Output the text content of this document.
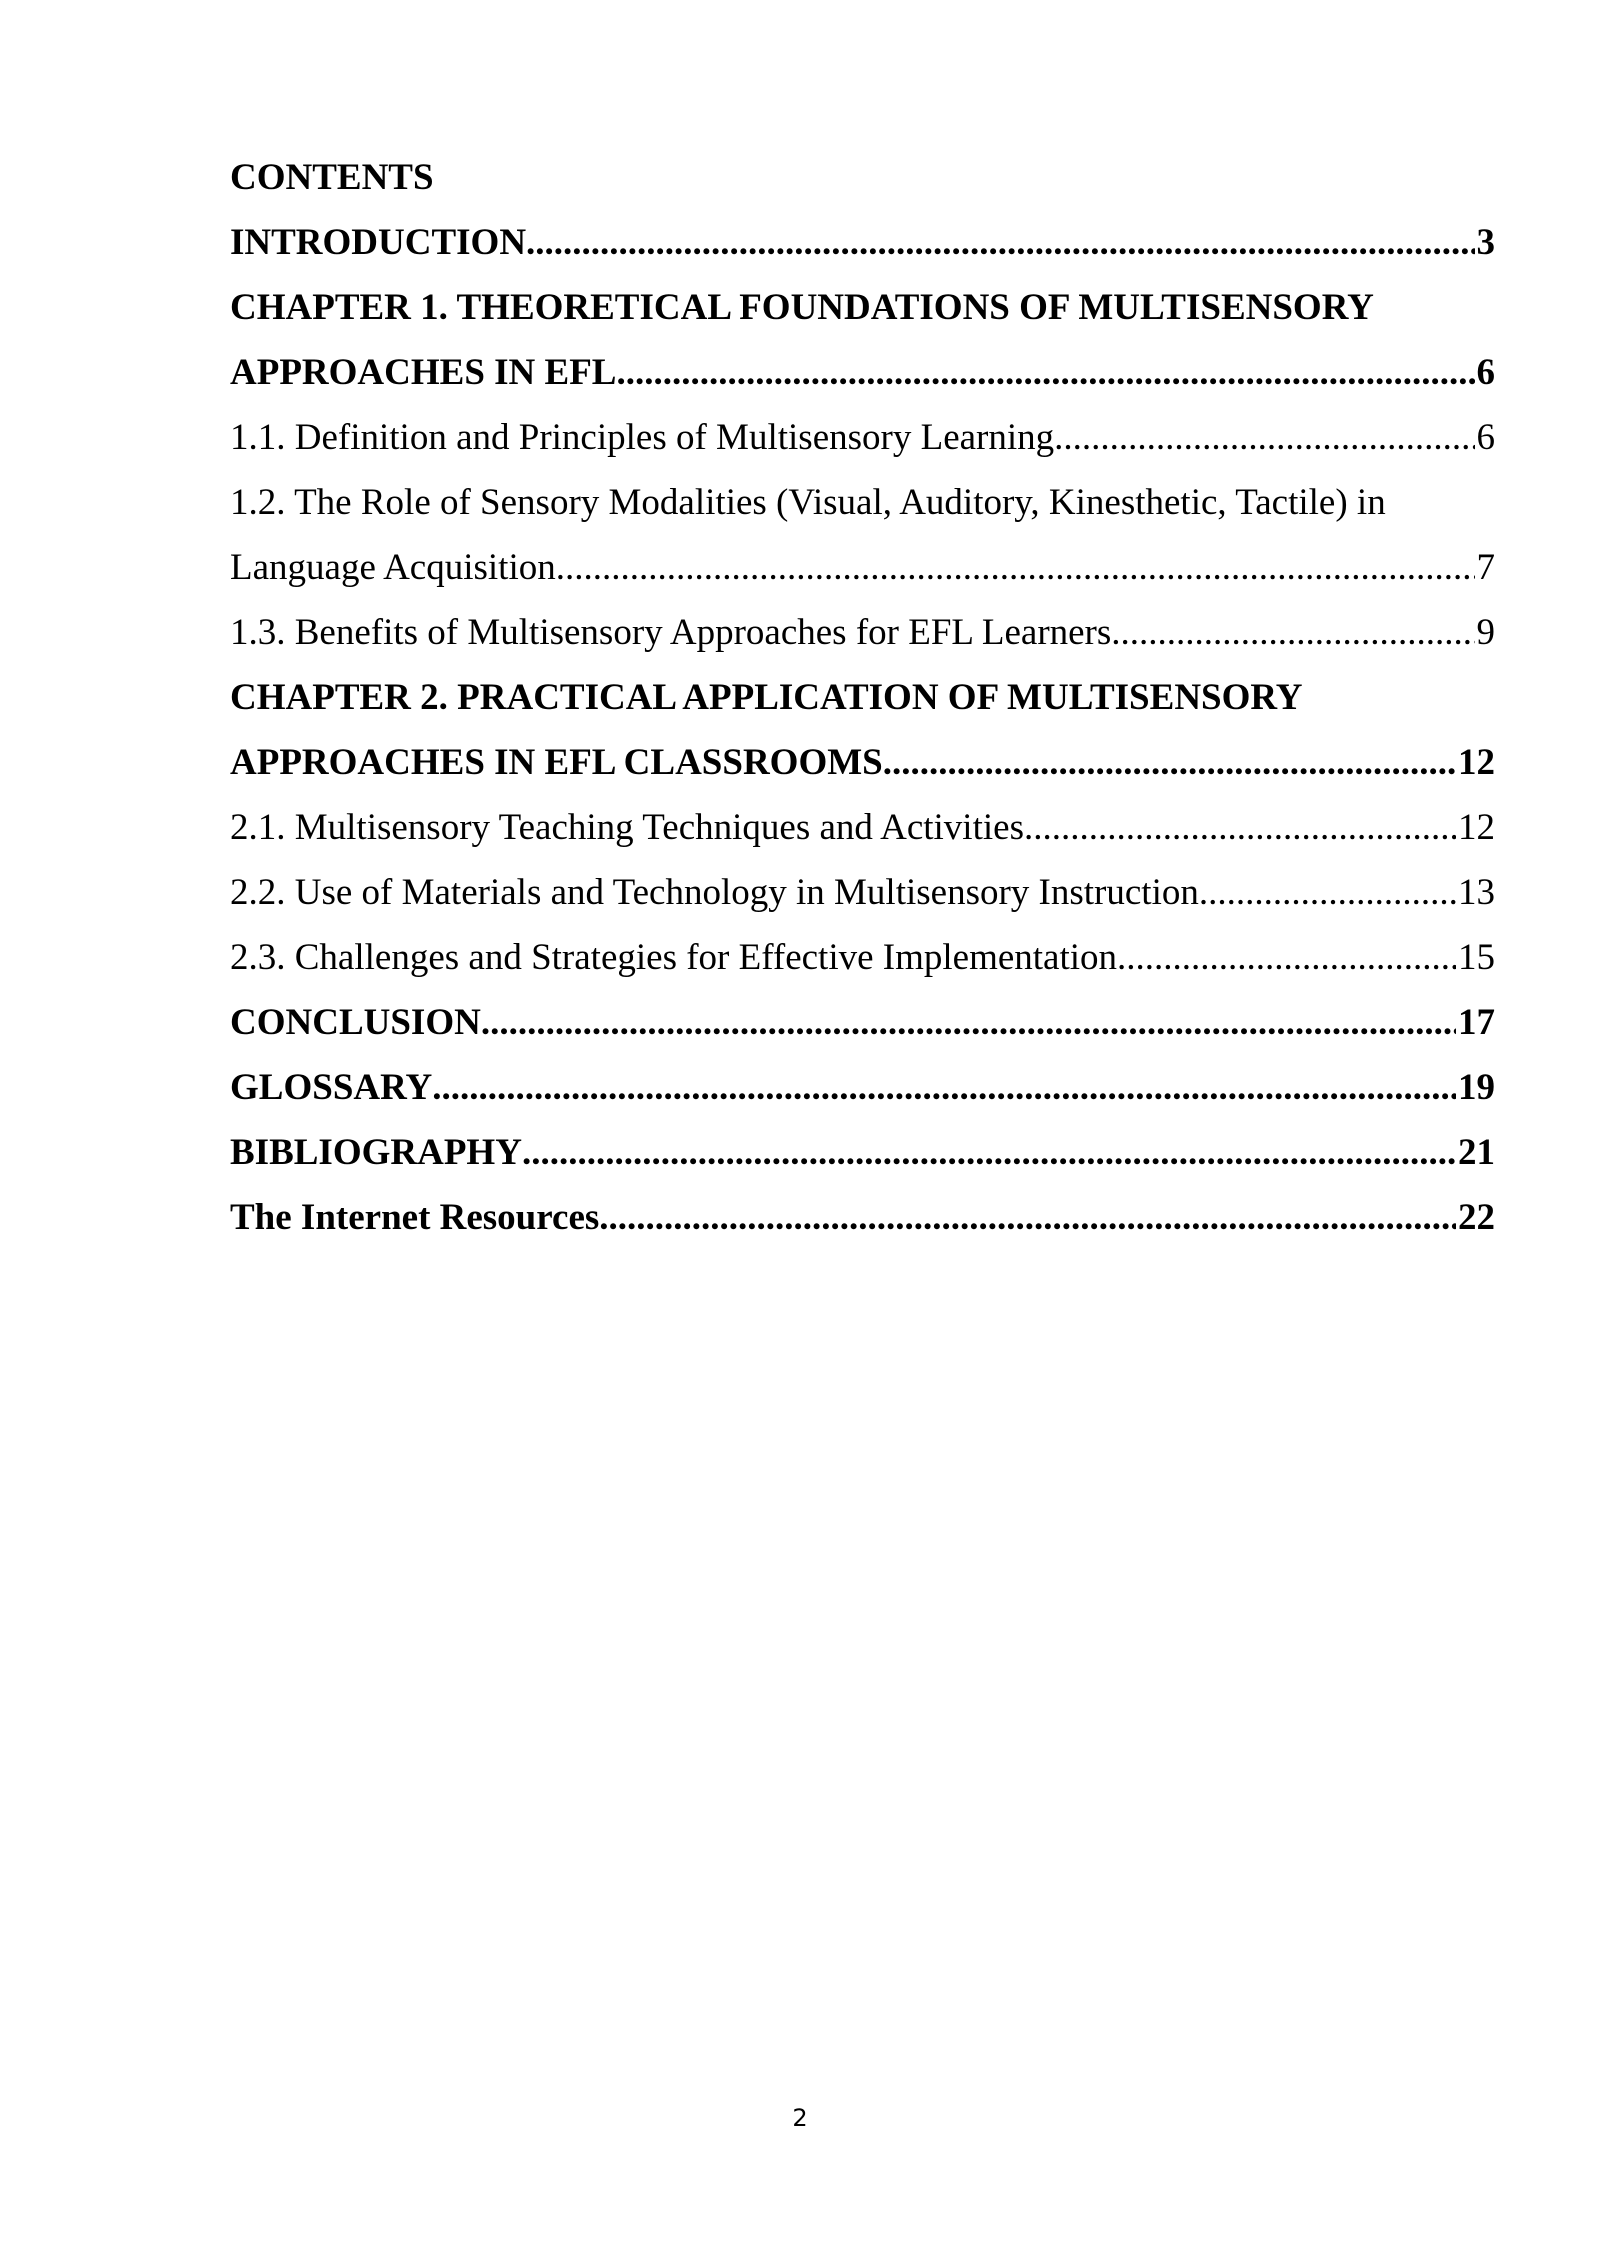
CONTENTS
INTRODUCTION .....	3
CHAPTER 1. THEORETICAL FOUNDATIONS OF MULTISENSORY
APPROACHES IN EFL .....	6
1.1. Definition and Principles of Multisensory Learning .....	6
1.2. The Role of Sensory Modalities (Visual, Auditory, Kinesthetic, Tactile) in
Language Acquisition .....	7
1.3. Benefits of Multisensory Approaches for EFL Learners .....	9
CHAPTER 2. PRACTICAL APPLICATION OF MULTISENSORY
APPROACHES IN EFL CLASSROOMS .....	12
2.1. Multisensory Teaching Techniques and Activities .....	12
2.2. Use of Materials and Technology in Multisensory Instruction .....	13
2.3. Challenges and Strategies for Effective Implementation .....	15
CONCLUSION .....	17
GLOSSARY .....	19
BIBLIOGRAPHY .....	21
The Internet Resources .....	22
2
